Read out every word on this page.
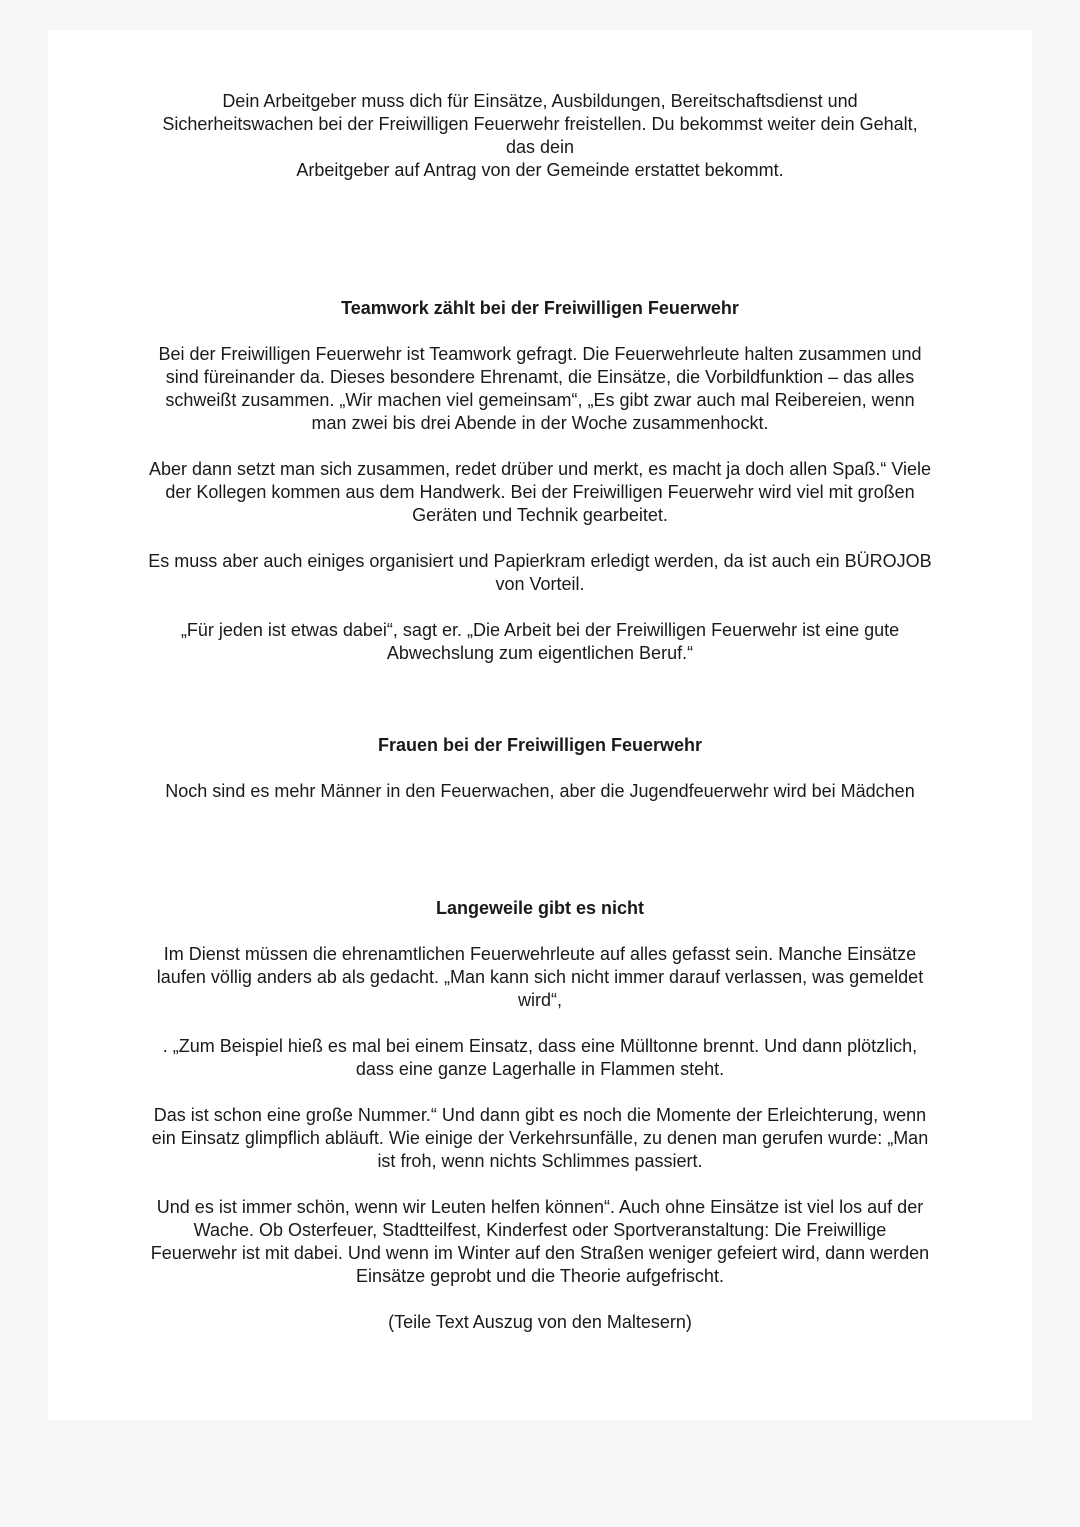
Dein Arbeitgeber muss dich für Einsätze, Ausbildungen, Bereitschaftsdienst und
Sicherheitswachen bei der Freiwilligen Feuerwehr freistellen. Du bekommst weiter dein Gehalt,
das dein
Arbeitgeber auf Antrag von der Gemeinde erstattet bekommt.

Teamwork zählt bei der Freiwilligen Feuerwehr

Bei der Freiwilligen Feuerwehr ist Teamwork gefragt. Die Feuerwehrleute halten zusammen und
sind füreinander da. Dieses besondere Ehrenamt, die Einsätze, die Vorbildfunktion – das alles
schweißt zusammen. „Wir machen viel gemeinsam“, „Es gibt zwar auch mal Reibereien, wenn
man zwei bis drei Abende in der Woche zusammenhockt.

Aber dann setzt man sich zusammen, redet drüber und merkt, es macht ja doch allen Spaß.“ Viele
der Kollegen kommen aus dem Handwerk. Bei der Freiwilligen Feuerwehr wird viel mit großen
Geräten und Technik gearbeitet.

Es muss aber auch einiges organisiert und Papierkram erledigt werden, da ist auch ein BÜROJOB
von Vorteil.

„Für jeden ist etwas dabei“, sagt er. „Die Arbeit bei der Freiwilligen Feuerwehr ist eine gute
Abwechslung zum eigentlichen Beruf.“

Frauen bei der Freiwilligen Feuerwehr

Noch sind es mehr Männer in den Feuerwachen, aber die Jugendfeuerwehr wird bei Mädchen

Langeweile gibt es nicht

Im Dienst müssen die ehrenamtlichen Feuerwehrleute auf alles gefasst sein. Manche Einsätze
laufen völlig anders ab als gedacht. „Man kann sich nicht immer darauf verlassen, was gemeldet
wird“,

. „Zum Beispiel hieß es mal bei einem Einsatz, dass eine Mülltonne brennt. Und dann plötzlich,
dass eine ganze Lagerhalle in Flammen steht.

Das ist schon eine große Nummer.“ Und dann gibt es noch die Momente der Erleichterung, wenn
ein Einsatz glimpflich abläuft. Wie einige der Verkehrsunfälle, zu denen man gerufen wurde: „Man
ist froh, wenn nichts Schlimmes passiert.

Und es ist immer schön, wenn wir Leuten helfen können“. Auch ohne Einsätze ist viel los auf der
Wache. Ob Osterfeuer, Stadtteilfest, Kinderfest oder Sportveranstaltung: Die Freiwillige
Feuerwehr ist mit dabei. Und wenn im Winter auf den Straßen weniger gefeiert wird, dann werden
Einsätze geprobt und die Theorie aufgefrischt.

(Teile Text Auszug von den Maltesern)
